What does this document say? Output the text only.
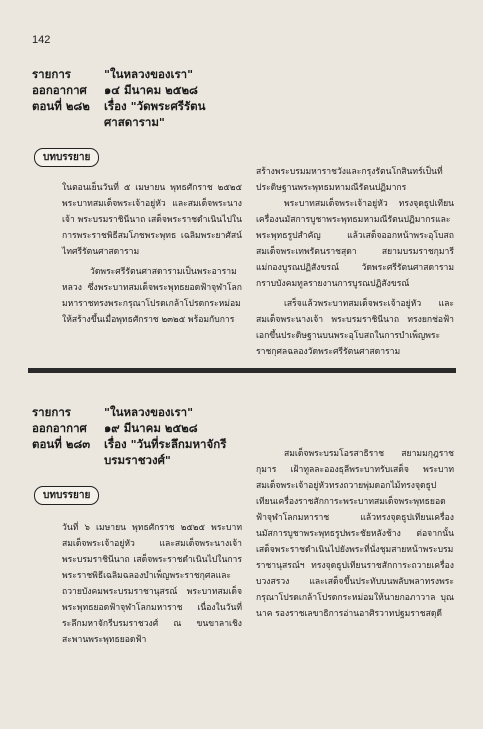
142
รายการ	"ในหลวงของเรา"
ออกอากาศ ๑๔ มีนาคม ๒๕๒๘
ตอนที่ ๒๘๒ เรื่อง "วัดพระศรีรัตน
ศาสดาราม"
บทบรรยาย

ในตอนเย็นวันที่ ๕ เมษายน พุทธศักราช ๒๕๒๕ พระบาทสมเด็จพระเจ้าอยู่หัว และสมเด็จพระนางเจ้า พระบรมราชินีนาถ เสด็จพระราชดำเนินไปในการพระราชพิธีสมโภชพระพุทธ เฉลิมพระยาศัสน์ไทศรีรัตนศาสดาราม

วัดพระศรีรัตนศาสดารามเป็นพระอาราม หลวง ซึ่งพระบาทสมเด็จพระพุทธยอดฟ้าจุฬาโลกมหาราชทรงพระกรุณาโปรดเกล้าโปรดกระหม่อม ให้สร้างขึ้นเมื่อพุทธศักราช ๒๓๒๕ พร้อมกับการ

สร้างพระบรมมหาราชวังและกรุงรัตนโกสินทร์เป็นที่ประดิษฐานพระพุทธมหามณีรัตนปฏิมากร

พระบาทสมเด็จพระเจ้าอยู่หัว ทรงจุดธูปเทียนเครื่องนมัสการบูชาพระพุทธมหามณีรัตนปฏิมากรและพระพุทธรูปสำคัญ แล้วเสด็จออกหน้าพระอุโบสถ สมเด็จพระเทพรัตนราชสุดา สยามบรมราชกุมารี แม่กองบูรณปฏิสังขรณ์ วัดพระศรีรัตนศาสดาราม กราบบังคมทูลรายงานการบูรณปฏิสังขรณ์

เสร็จแล้วพระบาทสมเด็จพระเจ้าอยู่หัว และสมเด็จพระนางเจ้า พระบรมราชินีนาถ ทรงยกช่อฟ้าเอกขึ้นประดิษฐานบนพระอุโบสถในการบำเพ็ญพระราชกุศลฉลองวัดพระศรีรัตนศาสดาราม

รายการ	"ในหลวงของเรา"
ออกอากาศ ๑๙ มีนาคม ๒๕๒๘
ตอนที่ ๒๘๓ เรื่อง "วันที่ระลึกมหาจักรี
บรมราชวงศ์"
บทบรรยาย

วันที่ ๖ เมษายน พุทธศักราช ๒๕๒๕ พระบาทสมเด็จพระเจ้าอยู่หัว และสมเด็จพระนางเจ้า พระบรมราชินีนาถ เสด็จพระราชดำเนินไปในการพระราชพิธีเฉลิมฉลองบำเพ็ญพระราชกุศลและถวายบังคมพระบรมราชานุสรณ์ พระบาทสมเด็จพระพุทธยอดฟ้าจุฬาโลกมหาราช เนื่องในวันที่ระลึกมหาจักรีบรมราชวงศ์ ณ ขนขาลาเชิงสะพานพระพุทธยอดฟ้า

สมเด็จพระบรมโอรสาธิราช สยามมกุฎราชกุมาร เฝ้าทูลละอองธุลีพระบาทรับเสด็จ พระบาทสมเด็จพระเจ้าอยู่หัวทรงถวายพุ่มดอกไม้ทรงจุดธูปเทียนเครื่องราชสักการะพระบาทสมเด็จพระพุทธยอดฟ้าจุฬาโลกมหาราช แล้วทรงจุดธูปเทียนเครื่องนมัสการบูชาพระพุทธรูปพระชัยหลังช้าง ต่อจากนั้นเสด็จพระราชดำเนินไปยังพระที่นั่งชุมสายหน้าพระบรมราชานุสรณ์ฯ ทรงจุดธูปเทียนราชสักการะถวายเครื่องบวงสรวง และเสด็จขึ้นประทับบนพลับพลาทรงพระกรุณาโปรดเกล้าโปรดกระหม่อมให้นายกอภาวาล บุณนาค รองราชเลขาธิการอ่านอาศิรวาทปฐมราชสดุดี
